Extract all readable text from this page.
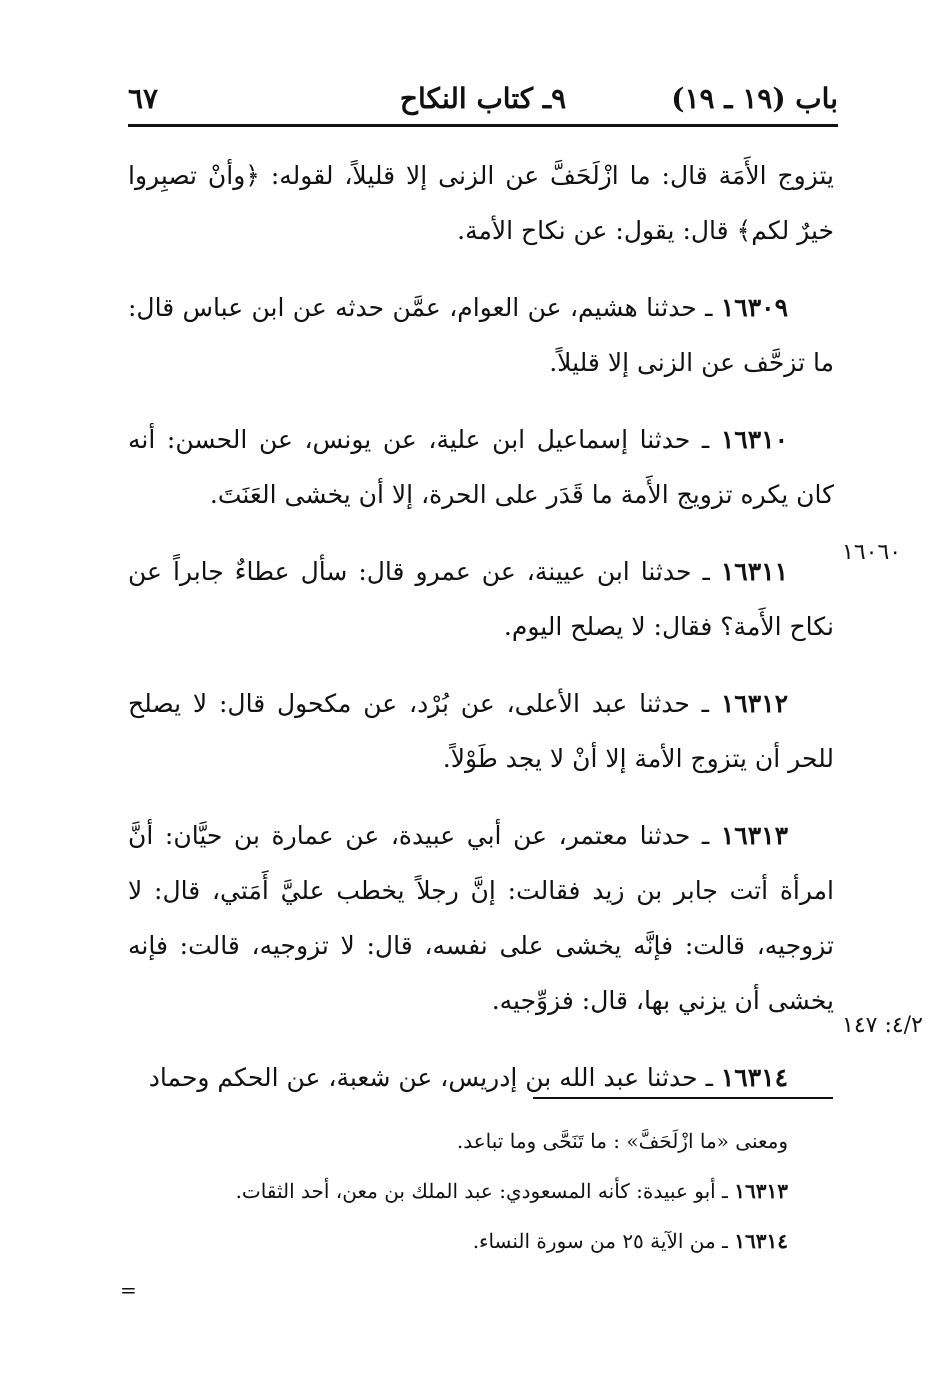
باب (١٩ ـ ١٩)
٩ـ كتاب النكاح
٦٧

يتزوج الأَمَة قال: ما ازْلَحَفَّ عن الزنى إلا قليلاً، لقوله: ﴿وأنْ تصبِروا خيرٌ لكم﴾ قال: يقول: عن نكاح الأمة.

١٦٣٠٩ ـ حدثنا هشيم، عن العوام، عمَّن حدثه عن ابن عباس قال: ما تزحَّف عن الزنى إلا قليلاً.

١٦٣١٠ ـ حدثنا إسماعيل ابن علية، عن يونس، عن الحسن: أنه كان يكره تزويج الأَمة ما قَدَر على الحرة، إلا أن يخشى العَنَتَ.

١٦٣١١ ـ حدثنا ابن عيينة، عن عمرو قال: سأل عطاءٌ جابراً عن نكاح الأَمة؟ فقال: لا يصلح اليوم.

١٦٣١٢ ـ حدثنا عبد الأعلى، عن بُرْد، عن مكحول قال: لا يصلح للحر أن يتزوج الأمة إلا أنْ لا يجد طَوْلاً.

١٦٣١٣ ـ حدثنا معتمر، عن أبي عبيدة، عن عمارة بن حيَّان: أنَّ امرأة أتت جابر بن زيد فقالت: إنَّ رجلاً يخطب عليَّ أَمَتي، قال: لا تزوجيه، قالت: فإنَّه يخشى على نفسه، قال: لا تزوجيه، قالت: فإنه يخشى أن يزني بها، قال: فزوِّجيه.

١٦٣١٤ ـ حدثنا عبد الله بن إدريس، عن شعبة، عن الحكم وحماد

١٦٠٦٠
٤/٢: ١٤٧

ومعنى «ما ازْلَحَفَّ» : ما تَنَحَّى وما تباعد.

١٦٣١٣ ـ أبو عبيدة: كأنه المسعودي: عبد الملك بن معن، أحد الثقات.

١٦٣١٤ ـ من الآية ٢٥ من سورة النساء.

=
